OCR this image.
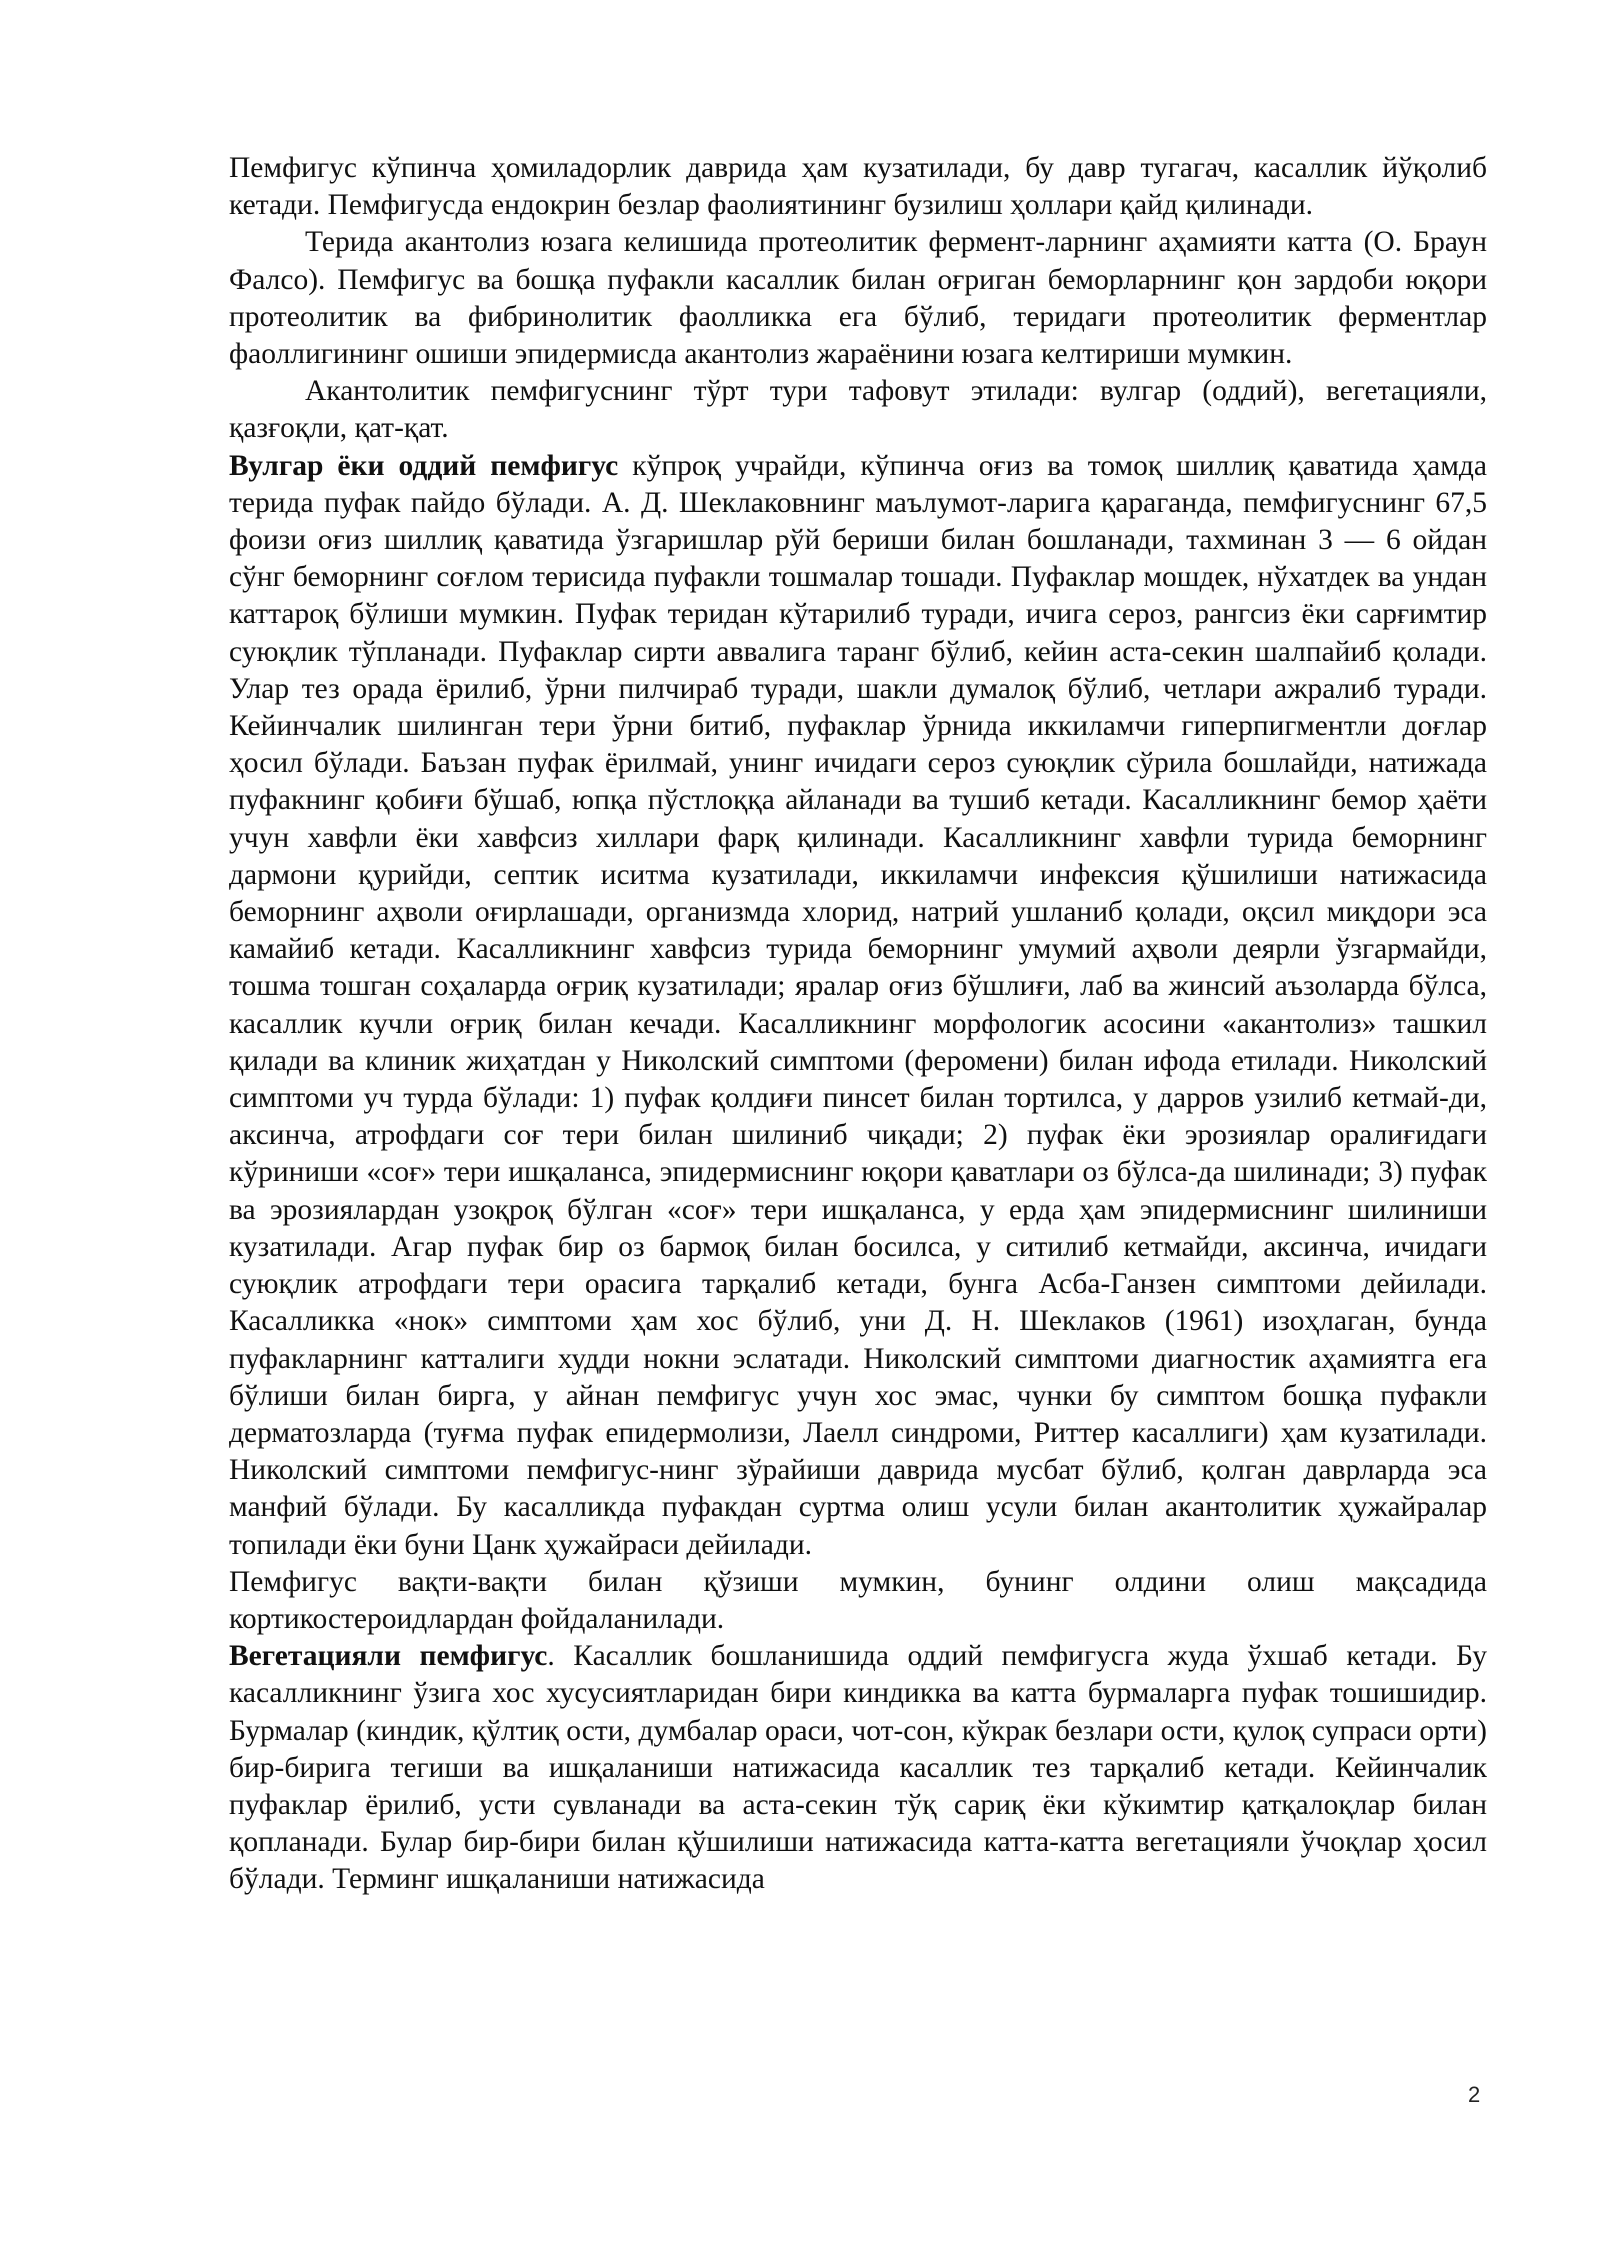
Пемфигус кўпинча ҳомиладорлик даврида ҳам кузатилади, бу давр тугагач, касаллик йўқолиб кетади. Пемфигусда ендокрин безлар фаолиятининг бузилиш ҳоллари қайд қилинади.

Терида акантолиз юзага келишида протеолитик фермент-ларнинг аҳамияти катта (О. Браун Фалсо). Пемфигус ва бошқа пуфакли касаллик билан оғриган беморларнинг қон зардоби юқори протеолитик ва фибринолитик фаолликка ега бўлиб, теридаги протеолитик ферментлар фаоллигининг ошиши эпидермисда акантолиз жараёнини юзага келтириши мумкин.

Акантолитик пемфигуснинг тўрт тури тафовут этилади: вулгар (оддий), вегетацияли, қазғоқли, қат-қат.

Вулгар ёки оддий пемфигус кўпроқ учрайди, кўпинча оғиз ва томоқ шиллиқ қаватида ҳамда терида пуфак пайдо бўлади. А. Д. Шеклаковнинг маълумот-ларига қараганда, пемфигуснинг 67,5 фоизи оғиз шиллиқ қаватида ўзгаришлар рўй бериши билан бошланади, тахминан 3 — 6 ойдан сўнг беморнинг соғлом терисида пуфакли тошмалар тошади. Пуфаклар мошдек, нўхатдек ва ундан каттароқ бўлиши мумкин. Пуфак теридан кўтарилиб туради, ичига сероз, рангсиз ёки сарғимтир суюқлик тўпланади. Пуфаклар сирти аввалига таранг бўлиб, кейин аста-секин шалпайиб қолади. Улар тез орада ёрилиб, ўрни пилчираб туради, шакли думалоқ бўлиб, четлари ажралиб туради. Кейинчалик шилинган тери ўрни битиб, пуфаклар ўрнида иккиламчи гиперпигментли доғлар ҳосил бўлади. Баъзан пуфак ёрилмай, унинг ичидаги сероз суюқлик сўрила бошлайди, натижада пуфакнинг қобиғи бўшаб, юпқа пўстлоққа айланади ва тушиб кетади. Касалликнинг бемор ҳаёти учун хавфли ёки хавфсиз хиллари фарқ қилинади. Касалликнинг хавфли турида беморнинг дармони қурийди, септик иситма кузатилади, иккиламчи инфексия қўшилиши натижасида беморнинг аҳволи оғирлашади, организмда хлорид, натрий ушланиб қолади, оқсил миқдори эса камайиб кетади. Касалликнинг хавфсиз турида беморнинг умумий аҳволи деярли ўзгармайди, тошма тошган соҳаларда оғриқ кузатилади; яралар оғиз бўшлиғи, лаб ва жинсий аъзоларда бўлса, касаллик кучли оғриқ билан кечади. Касалликнинг морфологик асосини «акантолиз» ташкил қилади ва клиник жиҳатдан у Николский симптоми (феромени) билан ифода етилади. Николский симптоми уч турда бўлади: 1) пуфак қолдиғи пинсет билан тортилса, у дарров узилиб кетмай-ди, аксинча, атрофдаги соғ тери билан шилиниб чиқади; 2) пуфак ёки эрозиялар оралиғидаги кўриниши «соғ» тери ишқаланса, эпидермиснинг юқори қаватлари оз бўлса-да шилинади; 3) пуфак ва эрозиялардан узоқроқ бўлган «соғ» тери ишқаланса, у ерда ҳам эпидермиснинг шилиниши кузатилади. Агар пуфак бир оз бармоқ билан босилса, у ситилиб кетмайди, аксинча, ичидаги суюқлик атрофдаги тери орасига тарқалиб кетади, бунга Асба-Ганзен симптоми дейилади. Касалликка «нок» симптоми ҳам хос бўлиб, уни Д. Н. Шеклаков (1961) изоҳлаган, бунда пуфакларнинг катталиги худди нокни эслатади. Николский симптоми диагностик аҳамиятга ега бўлиши билан бирга, у айнан пемфигус учун хос эмас, чунки бу симптом бошқа пуфакли дерматозларда (туғма пуфак епидермолизи, Лаелл синдроми, Риттер касаллиги) ҳам кузатилади. Николский симптоми пемфигус-нинг зўрайиши даврида мусбат бўлиб, қолган даврларда эса манфий бўлади. Бу касалликда пуфакдан суртма олиш усули билан акантолитик ҳужайралар топилади ёки буни Цанк ҳужайраси дейилади.

Пемфигус вақти-вақти билан қўзиши мумкин, бунинг олдини олиш мақсадида кортикостероидлардан фойдаланилади.

Вегетацияли пемфигус. Касаллик бошланишида оддий пемфигусга жуда ўхшаб кетади. Бу касалликнинг ўзига хос хусусиятларидан бири киндикка ва катта бурмаларга пуфак тошишидир. Бурмалар (киндик, қўлтиқ ости, думбалар ораси, чот-сон, кўкрак безлари ости, қулоқ супраси орти) бир-бирига тегиши ва ишқаланиши натижасида касаллик тез тарқалиб кетади. Кейинчалик пуфаклар ёрилиб, усти сувланади ва аста-секин тўқ сариқ ёки кўкимтир қатқалоқлар билан қопланади. Булар бир-бири билан қўшилиши натижасида катта-катта вегетацияли ўчоқлар ҳосил бўлади. Терминг ишқаланиши натижасида

2
